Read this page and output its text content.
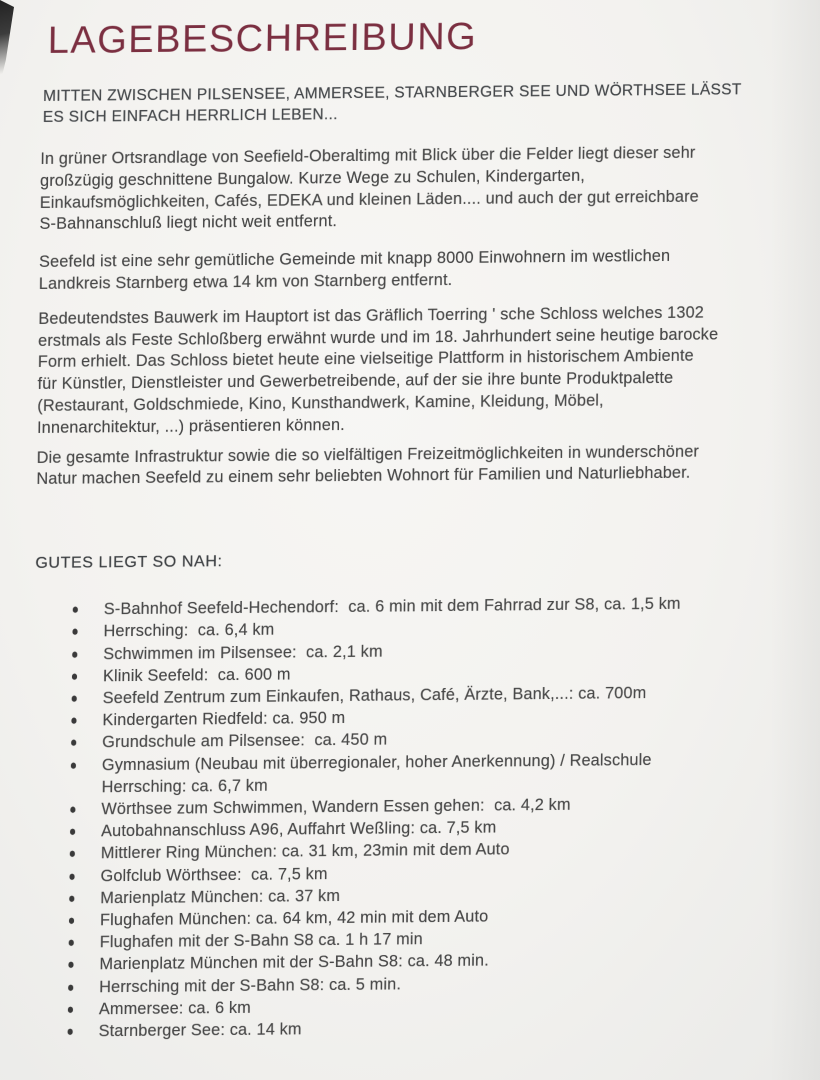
LAGEBESCHREIBUNG

MITTEN ZWISCHEN PILSENSEE, AMMERSEE, STARNBERGER SEE UND WÖRTHSEE LÄSST
ES SICH EINFACH HERRLICH LEBEN...

In grüner Ortsrandlage von Seefield-Oberaltimg mit Blick über die Felder liegt dieser sehr
großzügig geschnittene Bungalow. Kurze Wege zu Schulen, Kindergarten,
Einkaufsmöglichkeiten, Cafés, EDEKA und kleinen Läden.... und auch der gut erreichbare
S-Bahnanschluß liegt nicht weit entfernt.

Seefeld ist eine sehr gemütliche Gemeinde mit knapp 8000 Einwohnern im westlichen
Landkreis Starnberg etwa 14 km von Starnberg entfernt.

Bedeutendstes Bauwerk im Hauptort ist das Gräflich Toerring ' sche Schloss welches 1302
erstmals als Feste Schloßberg erwähnt wurde und im 18. Jahrhundert seine heutige barocke
Form erhielt. Das Schloss bietet heute eine vielseitige Plattform in historischem Ambiente
für Künstler, Dienstleister und Gewerbetreibende, auf der sie ihre bunte Produktpalette
(Restaurant, Goldschmiede, Kino, Kunsthandwerk, Kamine, Kleidung, Möbel,
Innenarchitektur, ...) präsentieren können.

Die gesamte Infrastruktur sowie die so vielfältigen Freizeitmöglichkeiten in wunderschöner
Natur machen Seefeld zu einem sehr beliebten Wohnort für Familien und Naturliebhaber.

GUTES LIEGT SO NAH:
S-Bahnhof Seefeld-Hechendorf:  ca. 6 min mit dem Fahrrad zur S8, ca. 1,5 km
Herrsching:  ca. 6,4 km
Schwimmen im Pilsensee:  ca. 2,1 km
Klinik Seefeld:  ca. 600 m
Seefeld Zentrum zum Einkaufen, Rathaus, Café, Ärzte, Bank,...: ca. 700m
Kindergarten Riedfeld: ca. 950 m
Grundschule am Pilsensee:  ca. 450 m
Gymnasium (Neubau mit überregionaler, hoher Anerkennung) / Realschule
Herrsching: ca. 6,7 km
Wörthsee zum Schwimmen, Wandern Essen gehen:  ca. 4,2 km
Autobahnanschluss A96, Auffahrt Weßling: ca. 7,5 km
Mittlerer Ring München: ca. 31 km, 23min mit dem Auto
Golfclub Wörthsee:  ca. 7,5 km
Marienplatz München: ca. 37 km
Flughafen München: ca. 64 km, 42 min mit dem Auto
Flughafen mit der S-Bahn S8 ca. 1 h 17 min
Marienplatz München mit der S-Bahn S8: ca. 48 min.
Herrsching mit der S-Bahn S8: ca. 5 min.
Ammersee: ca. 6 km
Starnberger See: ca. 14 km
